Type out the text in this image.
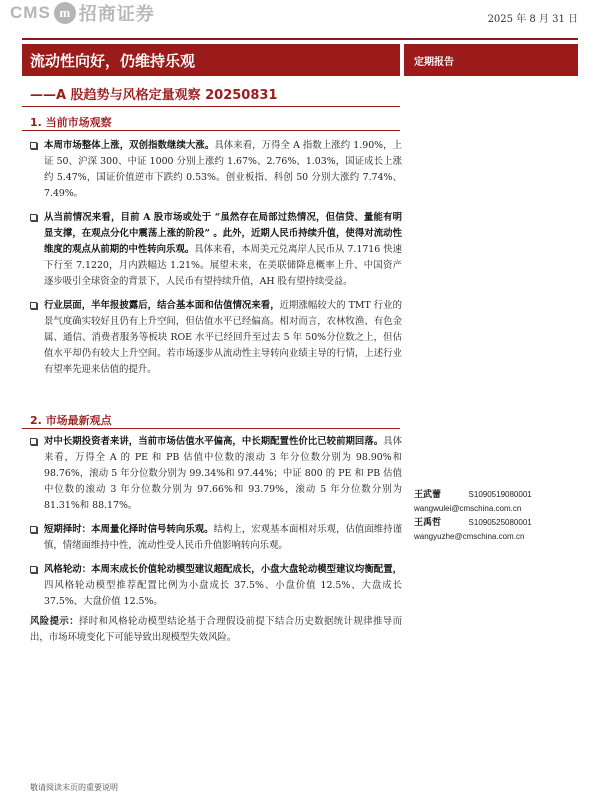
CMS m 招商证券	2025 年 8 月 31 日
流动性向好，仍维持乐观	定期报告
——A 股趋势与风格定量观察 20250831
1. 当前市场观察
本周市场整体上涨，双创指数继续大涨。具体来看，万得全 A 指数上涨约 1.90%，上证 50、沪深 300、中证 1000 分别上涨约 1.67%、2.76%、1.03%，国证成长上涨约 5.47%，国证价值逆市下跌约 0.53%。创业板指、科创 50 分别大涨约 7.74%、7.49%。
从当前情况来看，目前 A 股市场或处于 “虽然存在局部过热情况，但信贷、量能有明显支撑，在观点分化中震荡上涨的阶段” 。此外，近期人民币持续升值，使得对流动性维度的观点从前期的中性转向乐观。具体来看，本周美元兑离岸人民币从 7.1716 快速下行至 7.1220，月内跌幅达 1.21%。展望未来，在美联储降息概率上升、中国资产逐步吸引全球资金的背景下，人民币有望持续升值，AH 股有望持续受益。
行业层面，半年报披露后，结合基本面和估值情况来看，近期涨幅较大的 TMT 行业的景气度确实较好且仍有上升空间，但估值水平已经偏高。相对而言，农林牧渔、有色金属、通信、消费者服务等板块 ROE 水平已经回升至过去 5 年 50%分位数之上，但估值水平却仍有较大上升空间。若市场逐步从流动性主导转向业绩主导的行情，上述行业有望率先迎来估值的提升。
2. 市场最新观点
对中长期投资者来讲，当前市场估值水平偏高，中长期配置性价比已较前期回落。具体来看，万得全 A 的 PE 和 PB 估值中位数的滚动 3 年分位数分别为 98.90%和 98.76%，滚动 5 年分位数分别为 99.34%和 97.44%；中证 800 的 PE 和 PB 估值中位数的滚动 3 年分位数分别为 97.66%和 93.79%，滚动 5 年分位数分别为 81.31%和 88.17%。
短期择时：本周量化择时信号转向乐观。结构上，宏观基本面相对乐观，估值面维持谨慎，情绪面维持中性，流动性受人民币升值影响转向乐观。
风格轮动：本周末成长价值轮动模型建议超配成长，小盘大盘轮动模型建议均衡配置，四风格轮动模型推荐配置比例为小盘成长 37.5%、小盘价值 12.5%、大盘成长 37.5%、大盘价值 12.5%。
风险提示：择时和风格轮动模型结论基于合理假设前提下结合历史数据统计规律推导而出，市场环境变化下可能导致出现模型失效风险。
王武蕾	S1090519080001
wangwulei@cmschina.com.cn
王禹哲	S1090525080001
wangyuzhe@cmschina.com.cn
敬请阅读末页的重要说明
